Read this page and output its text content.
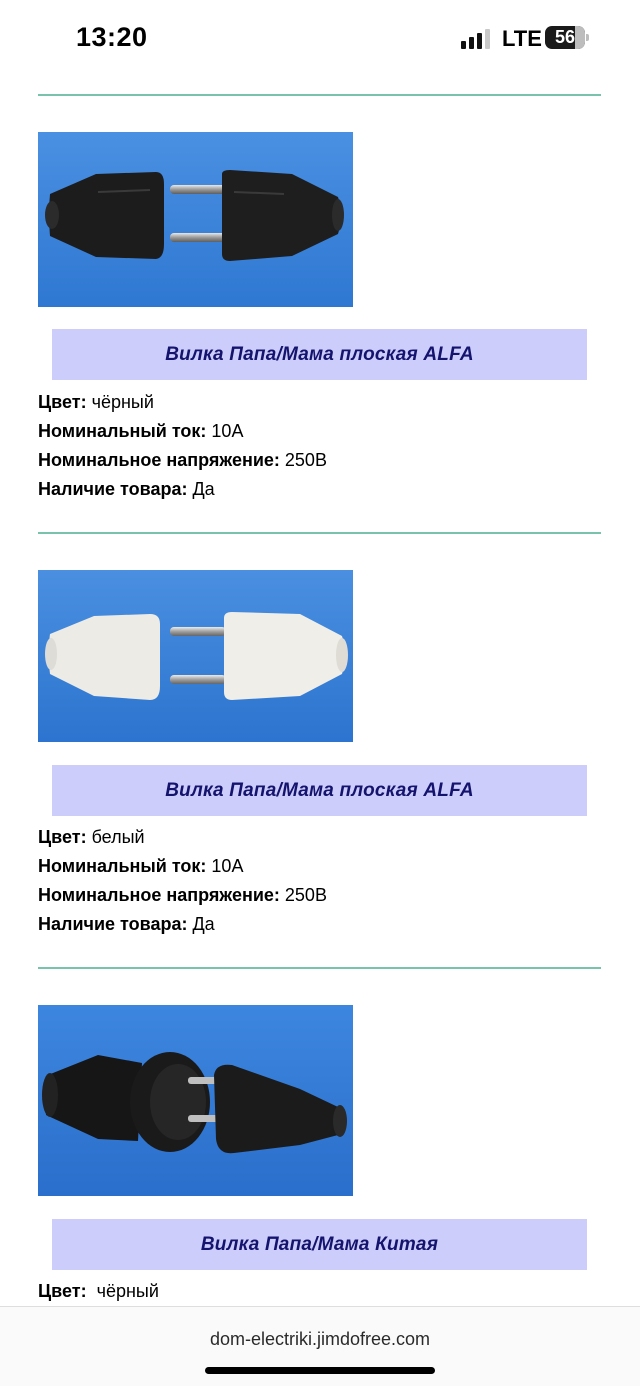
13:20	LTE 56
Вилка Папа/Мама плоская ALFA
Цвет: чёрный
Номинальный ток: 10А
Номинальное напряжение: 250В
Наличие товара: Да
Вилка Папа/Мама плоская ALFA
Цвет: белый
Номинальный ток: 10А
Номинальное напряжение: 250В
Наличие товара: Да
Вилка Папа/Мама Китая
Цвет:  чёрный
dom-electriki.jimdofree.com
